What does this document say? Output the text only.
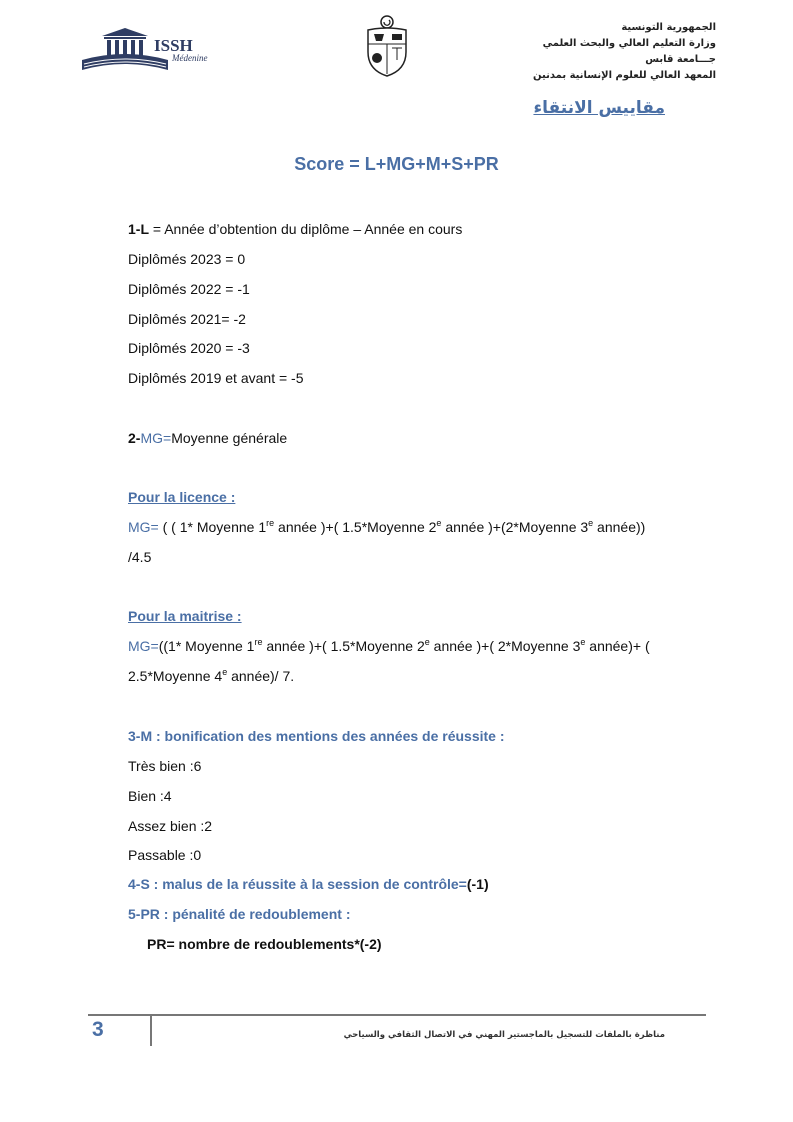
ISSH
Médenine
الجمهورية التونسية
وزارة التعليم العالي والبحث العلمي
جـــامعة قابس
المعهد العالي للعلوم الإنسانية بمدنين
مقاييس الانتقاء
Score = L+MG+M+S+PR
1-L = Année d’obtention du diplôme – Année en cours
Diplômés 2023 = 0
Diplômés 2022 = -1
Diplômés 2021= -2
Diplômés 2020 = -3
Diplômés 2019 et avant = -5
2-MG=Moyenne générale
Pour la licence :
MG= ( ( 1* Moyenne 1re année )+( 1.5*Moyenne 2e année )+(2*Moyenne 3e année))
/4.5
Pour la maitrise :
MG=((1* Moyenne 1re année )+( 1.5*Moyenne 2e année )+( 2*Moyenne 3e année)+ (
2.5*Moyenne 4e année)/ 7.
3-M : bonification des mentions des années de réussite :
Très bien :6
Bien :4
Assez bien :2
Passable :0
4-S : malus de la réussite à la session de contrôle=(-1)
5-PR : pénalité de redoublement :
PR= nombre de redoublements*(-2)
3	مناظرة بالملفات للتسجيل بالماجستير المهني في الاتصال الثقافي والسياحي
